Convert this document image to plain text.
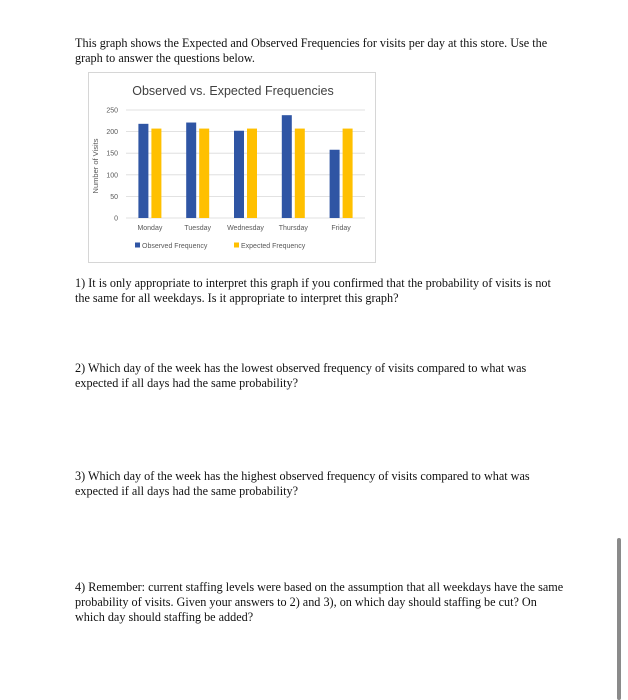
This graph shows the Expected and Observed Frequencies for visits per day at this store. Use the graph to answer the questions below.
Observed vs. Expected Frequencies
0
50
100
150
200
250
Number of Visits
Monday	Tuesday Wednesday Thursday	Friday
Observed Frequency	Expected Frequency
1) It is only appropriate to interpret this graph if you confirmed that the probability of visits is not the same for all weekdays. Is it appropriate to interpret this graph?
2) Which day of the week has the lowest observed frequency of visits compared to what was expected if all days had the same probability?
3) Which day of the week has the highest observed frequency of visits compared to what was expected if all days had the same probability?
4) Remember: current staffing levels were based on the assumption that all weekdays have the same probability of visits. Given your answers to 2) and 3), on which day should staffing be cut? On which day should staffing be added?
